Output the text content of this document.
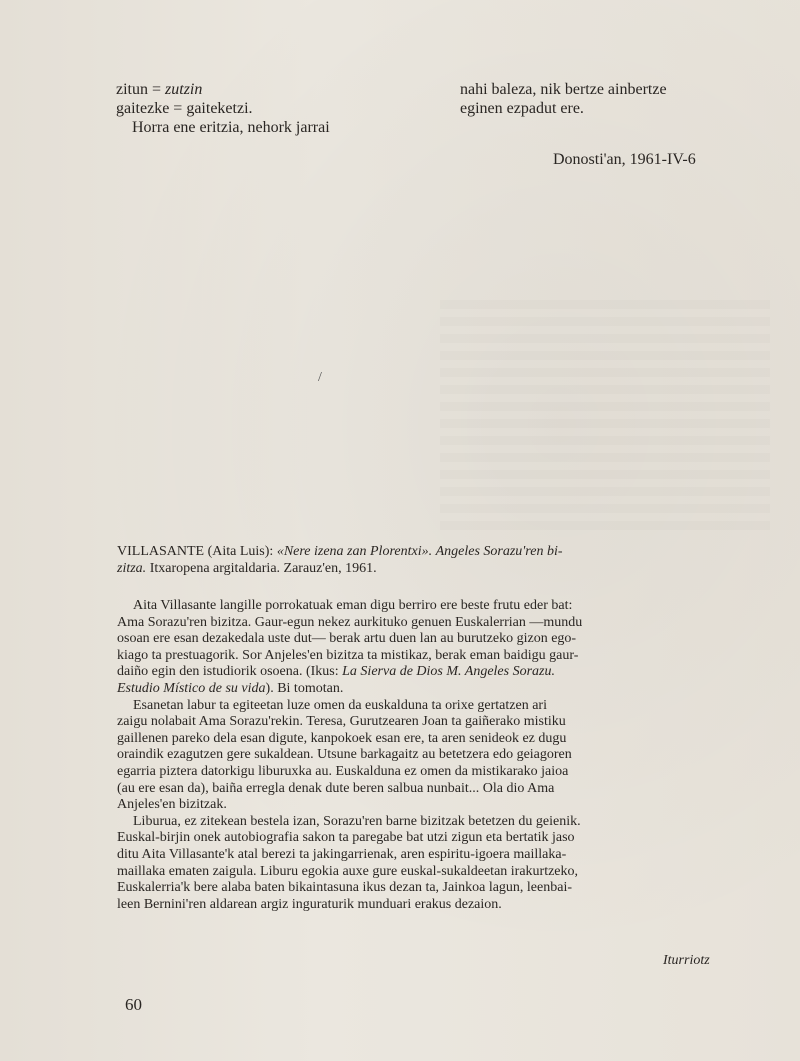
/
zitun = zutzin
gaitezke = gaiteketzi.
Horra ene eritzia, nehork jarrai
nahi baleza, nik bertze ainbertze
eginen ezpadut ere.
Donosti'an, 1961-IV-6
VILLASANTE (Aita Luis): «Nere izena zan Plorentxi». Angeles Sorazu'ren bi-
zitza. Itxaropena argitaldaria. Zarauz'en, 1961.
Aita Villasante langille porrokatuak eman digu berriro ere beste frutu eder bat:
Ama Sorazu'ren bizitza. Gaur-egun nekez aurkituko genuen Euskalerrian —mundu
osoan ere esan dezakedala uste dut— berak artu duen lan au burutzeko gizon ego-
kiago ta prestuagorik. Sor Anjeles'en bizitza ta mistikaz, berak eman baidigu gaur-
daiño egin den istudiorik osoena. (Ikus: La Sierva de Dios M. Angeles Sorazu.
Estudio Místico de su vida). Bi tomotan.
Esanetan labur ta egiteetan luze omen da euskalduna ta orixe gertatzen ari
zaigu nolabait Ama Sorazu'rekin. Teresa, Gurutzearen Joan ta gaiñerako mistiku
gaillenen pareko dela esan digute, kanpokoek esan ere, ta aren senideok ez dugu
oraindik ezagutzen gere sukaldean. Utsune barkagaitz au betetzera edo geiagoren
egarria piztera datorkigu liburuxka au. Euskalduna ez omen da mistikarako jaioa
(au ere esan da), baiña erregla denak dute beren salbua nunbait... Ola dio Ama
Anjeles'en bizitzak.
Liburua, ez zitekean bestela izan, Sorazu'ren barne bizitzak betetzen du geienik.
Euskal-birjin onek autobiografia sakon ta paregabe bat utzi zigun eta bertatik jaso
ditu Aita Villasante'k atal berezi ta jakingarrienak, aren espiritu-igoera maillaka-
maillaka ematen zaigula. Liburu egokia auxe gure euskal-sukaldeetan irakurtzeko,
Euskalerria'k bere alaba baten bikaintasuna ikus dezan ta, Jainkoa lagun, leenbai-
leen Bernini'ren aldarean argiz inguraturik munduari erakus dezaion.
Iturriotz
60
